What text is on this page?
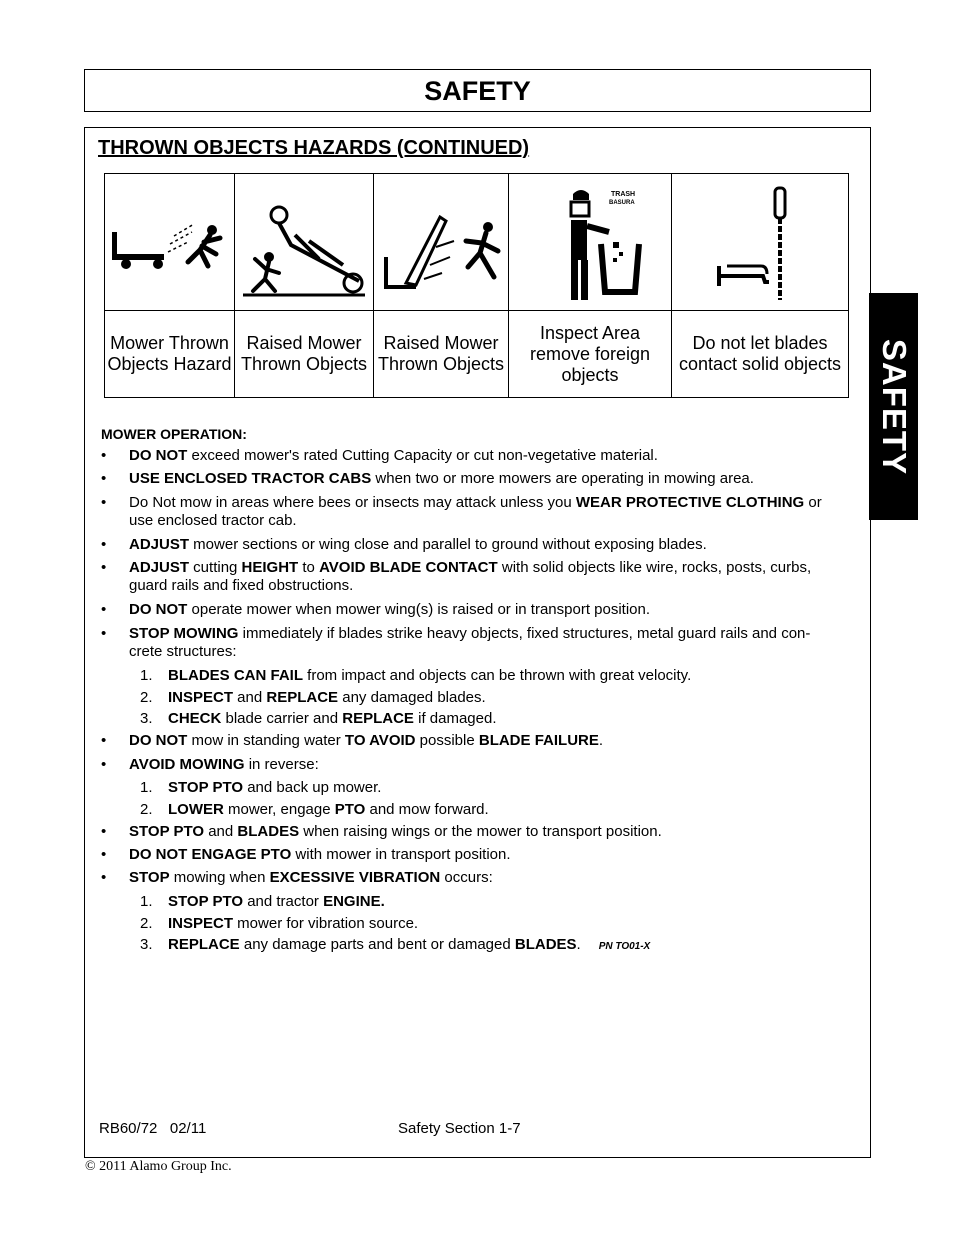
SAFETY
SAFETY
THROWN OBJECTS HAZARDS (CONTINUED)

TRASH
BASURA

Mower Thrown Objects Hazard	Raised Mower Thrown Objects	Raised Mower Thrown Objects	Inspect Area remove foreign objects	Do not let blades contact solid objects
MOWER OPERATION:
• DO NOT exceed mower's rated Cutting Capacity or cut non-vegetative material.
• USE ENCLOSED TRACTOR CABS when two or more mowers are operating in mowing area.
• Do Not mow in areas where bees or insects may attack unless you WEAR PROTECTIVE CLOTHING or
use enclosed tractor cab.
• ADJUST mower sections or wing close and parallel to ground without exposing blades.
• ADJUST cutting HEIGHT to AVOID BLADE CONTACT with solid objects like wire, rocks, posts, curbs,
guard rails and fixed obstructions.
• DO NOT operate mower when mower wing(s) is raised or in transport position.
• STOP MOWING immediately if blades strike heavy objects, fixed structures, metal guard rails and con-
crete structures:
1. BLADES CAN FAIL from impact and objects can be thrown with great velocity.
2. INSPECT and REPLACE any damaged blades.
3. CHECK blade carrier and REPLACE if damaged.
• DO NOT mow in standing water TO AVOID possible BLADE FAILURE.
• AVOID MOWING in reverse:
1. STOP PTO and back up mower.
2. LOWER mower, engage PTO and mow forward.
• STOP PTO and BLADES when raising wings or the mower to transport position.
• DO NOT ENGAGE PTO with mower in transport position.
• STOP mowing when EXCESSIVE VIBRATION occurs:
1. STOP PTO and tractor ENGINE.
2. INSPECT mower for vibration source.
3. REPLACE any damage parts and bent or damaged BLADES. PN TO01-X
RB60/72   02/11	Safety Section 1-7
© 2011 Alamo Group Inc.
